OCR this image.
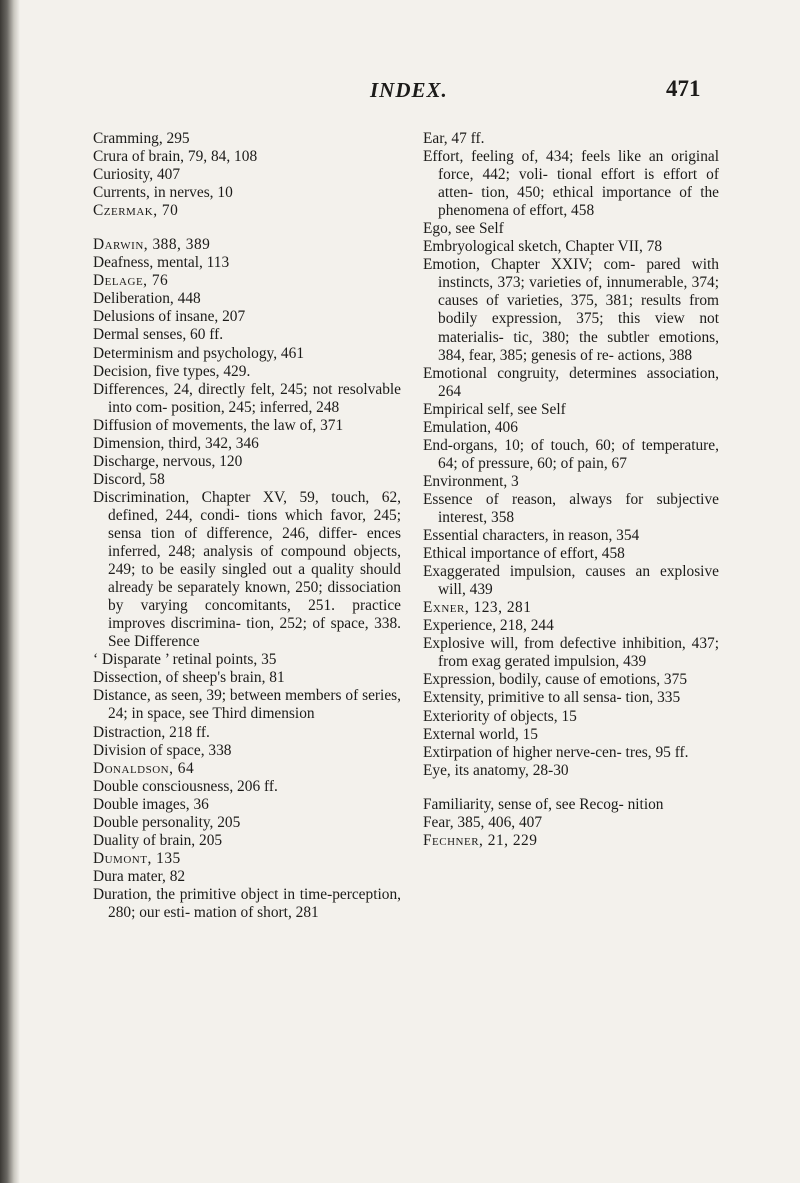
INDEX.	471
Cramming, 295
Crura of brain, 79, 84, 108
Curiosity, 407
Currents, in nerves, 10
Czermak, 70
Darwin, 388, 389
Deafness, mental, 113
Delage, 76
Deliberation, 448
Delusions of insane, 207
Dermal senses, 60 ff.
Determinism and psychology, 461
Decision, five types, 429.
Differences, 24, directly felt, 245; not resolvable into com- position, 245; inferred, 248
Diffusion of movements, the law of, 371
Dimension, third, 342, 346
Discharge, nervous, 120
Discord, 58
Discrimination, Chapter XV, 59, touch, 62, defined, 244, condi- tions which favor, 245; sensa tion of difference, 246, differ- ences inferred, 248; analysis of compound objects, 249; to be easily singled out a quality should already be separately known, 250; dissociation by varying concomitants, 251. practice improves discrimina- tion, 252; of space, 338. See Difference
‘ Disparate ’ retinal points, 35
Dissection, of sheep's brain, 81
Distance, as seen, 39; between members of series, 24; in space, see Third dimension
Distraction, 218 ff.
Division of space, 338
Donaldson, 64
Double consciousness, 206 ff.
Double images, 36
Double personality, 205
Duality of brain, 205
Dumont, 135
Dura mater, 82
Duration, the primitive object in time-perception, 280; our esti- mation of short, 281
Ear, 47 ff.
Effort, feeling of, 434; feels like an original force, 442; voli- tional effort is effort of atten- tion, 450; ethical importance of the phenomena of effort, 458
Ego, see Self
Embryological sketch, Chapter VII, 78
Emotion, Chapter XXIV; com- pared with instincts, 373; varieties of, innumerable, 374; causes of varieties, 375, 381; results from bodily expression, 375; this view not materialis- tic, 380; the subtler emotions, 384, fear, 385; genesis of re- actions, 388
Emotional congruity, determines association, 264
Empirical self, see Self
Emulation, 406
End-organs, 10; of touch, 60; of temperature, 64; of pressure, 60; of pain, 67
Environment, 3
Essence of reason, always for subjective interest, 358
Essential characters, in reason, 354
Ethical importance of effort, 458
Exaggerated impulsion, causes an explosive will, 439
Exner, 123, 281
Experience, 218, 244
Explosive will, from defective inhibition, 437; from exag gerated impulsion, 439
Expression, bodily, cause of emotions, 375
Extensity, primitive to all sensa- tion, 335
Exteriority of objects, 15
External world, 15
Extirpation of higher nerve-cen- tres, 95 ff.
Eye, its anatomy, 28-30
Familiarity, sense of, see Recog- nition
Fear, 385, 406, 407
Fechner, 21, 229
